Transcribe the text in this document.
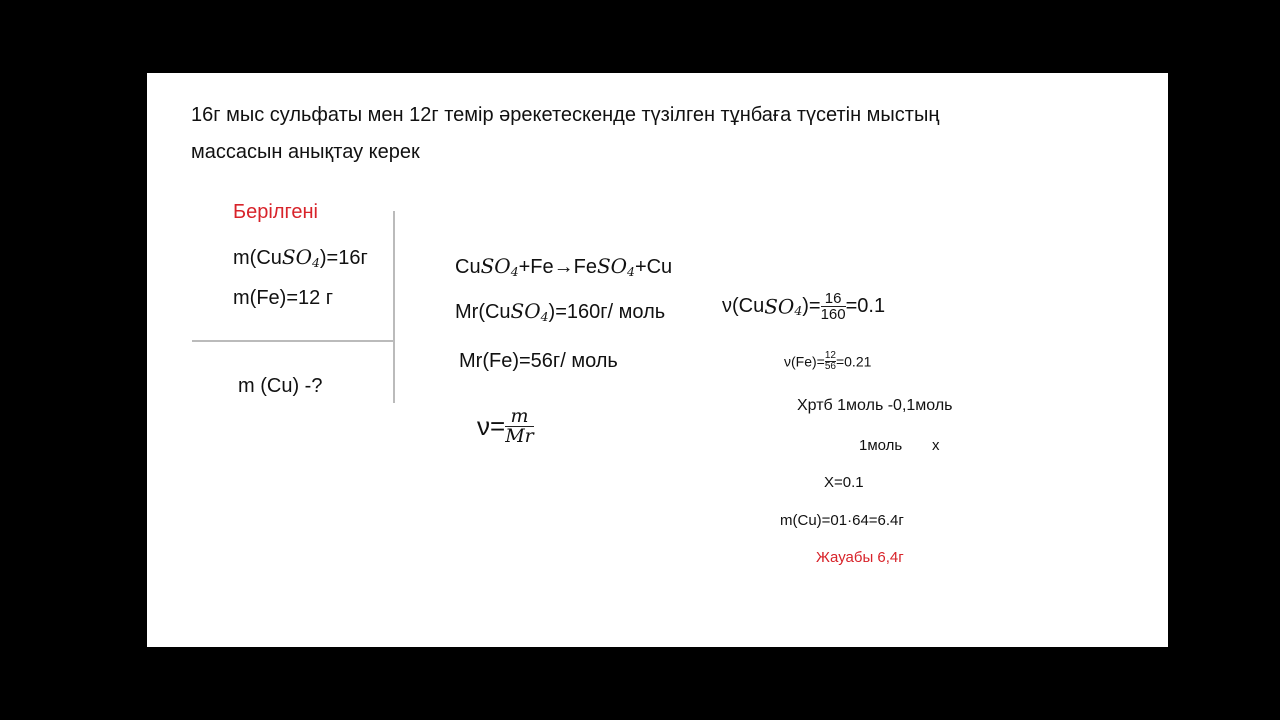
16г мыс сульфаты мен 12г темір әрекетескенде түзілген тұнбаға түсетін мыстың
массасын анықтау керек
Берілгені
m(CuSO$_4$)=16г
m(Fe)=12 г
m (Cu) -?
CuSO$_4$+Fe→FeSO$_4$+Cu
Mr(CuSO$_4$)=160г/ моль
Mr(Fe)=56г/ моль
$\nu= \frac{m}{Mr}$
ν(CuSO$_4$)= $\frac{16}{160} =0.1$
$\nu(Fe)= \frac{12}{56} =0.21$
Хртб 1моль -0,1моль
1моль x
X=0.1
m(Cu)=01·64=6.4г
Жауабы 6,4г
